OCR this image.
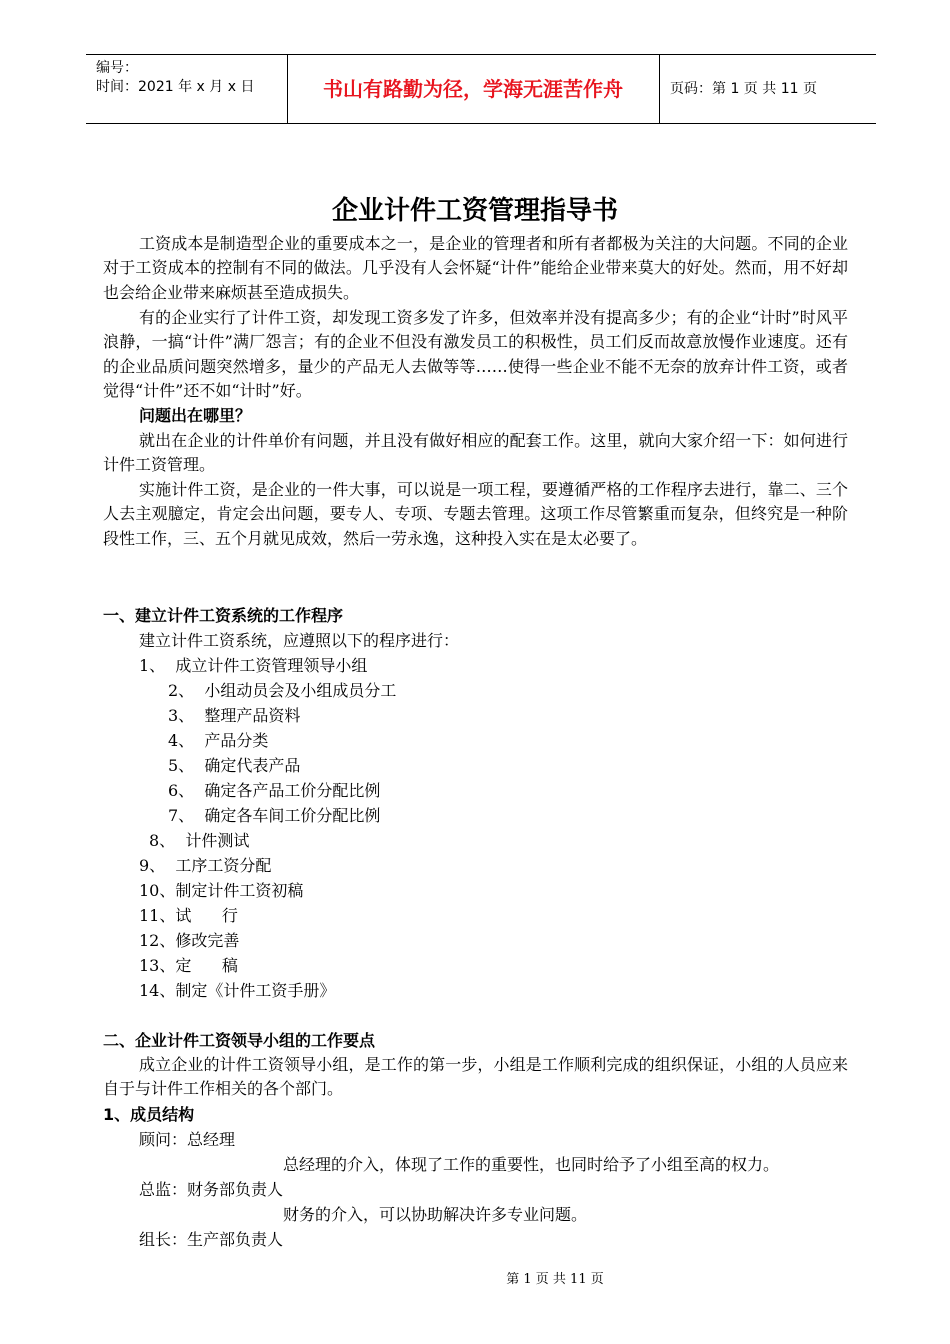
编号：
时间：2021 年 x 月 x 日	书山有路勤为径，学海无涯苦作舟	页码：第 1 页 共 11 页
企业计件工资管理指导书

工资成本是制造型企业的重要成本之一，是企业的管理者和所有者都极为关注的大问题。不同的企业对于工资成本的控制有不同的做法。几乎没有人会怀疑“计件”能给企业带来莫大的好处。然而，用不好却也会给企业带来麻烦甚至造成损失。

有的企业实行了计件工资，却发现工资多发了许多，但效率并没有提高多少；有的企业“计时”时风平浪静，一搞“计件”满厂怨言；有的企业不但没有激发员工的积极性，员工们反而故意放慢作业速度。还有的企业品质问题突然增多，量少的产品无人去做等等……使得一些企业不能不无奈的放弃计件工资，或者觉得“计件”还不如“计时”好。

问题出在哪里？

就出在企业的计件单价有问题，并且没有做好相应的配套工作。这里，就向大家介绍一下：如何进行计件工资管理。

实施计件工资，是企业的一件大事，可以说是一项工程，要遵循严格的工作程序去进行，靠二、三个人去主观臆定，肯定会出问题，要专人、专项、专题去管理。这项工作尽管繁重而复杂，但终究是一种阶段性工作，三、五个月就见成效，然后一劳永逸，这种投入实在是太必要了。

一、建立计件工资系统的工作程序
建立计件工资系统，应遵照以下的程序进行：
1、  成立计件工资管理领导小组
2、  小组动员会及小组成员分工
3、  整理产品资料
4、  产品分类
5、  确定代表产品
6、  确定各产品工价分配比例
7、  确定各车间工价分配比例
8、  计件测试
9、  工序工资分配
10、制定计件工资初稿
11、试      行
12、修改完善
13、定      稿
14、制定《计件工资手册》
二、企业计件工资领导小组的工作要点

成立企业的计件工资领导小组，是工作的第一步，小组是工作顺利完成的组织保证，小组的人员应来自于与计件工作相关的各个部门。

1、成员结构
顾问：总经理
总经理的介入，体现了工作的重要性，也同时给予了小组至高的权力。
总监：财务部负责人
财务的介入，可以协助解决许多专业问题。
组长：生产部负责人
第 1 页 共 11 页
